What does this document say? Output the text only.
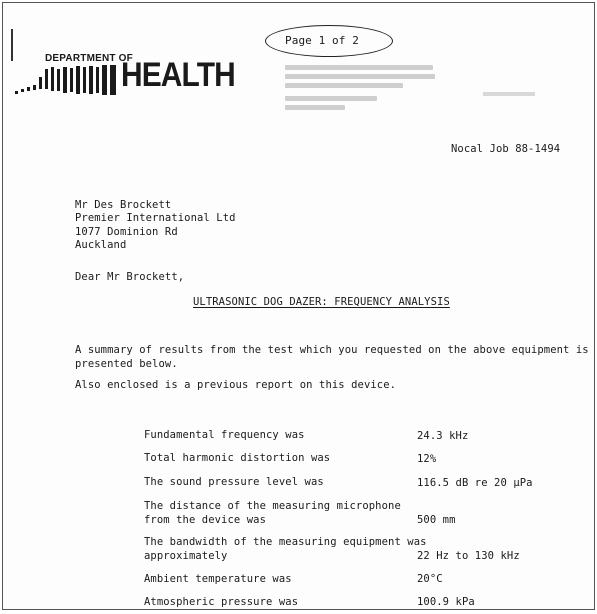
DEPARTMENT OF
HEALTH
Page 1 of 2
Nocal Job 88-1494
Mr Des Brockett
Premier International Ltd
1077 Dominion Rd
Auckland
Dear Mr Brockett,
ULTRASONIC DOG DAZER: FREQUENCY ANALYSIS
A summary of results from the test which you requested on the above equipment is
presented below.
Also enclosed is a previous report on this device.
Fundamental frequency was	24.3 kHz
Total harmonic distortion was	12%
The sound pressure level was	116.5 dB re 20 µPa
The distance of the measuring microphone
from the device was	500 mm
The bandwidth of the measuring equipment was
approximately	22 Hz to 130 kHz
Ambient temperature was	20°C
Atmospheric pressure was	100.9 kPa
